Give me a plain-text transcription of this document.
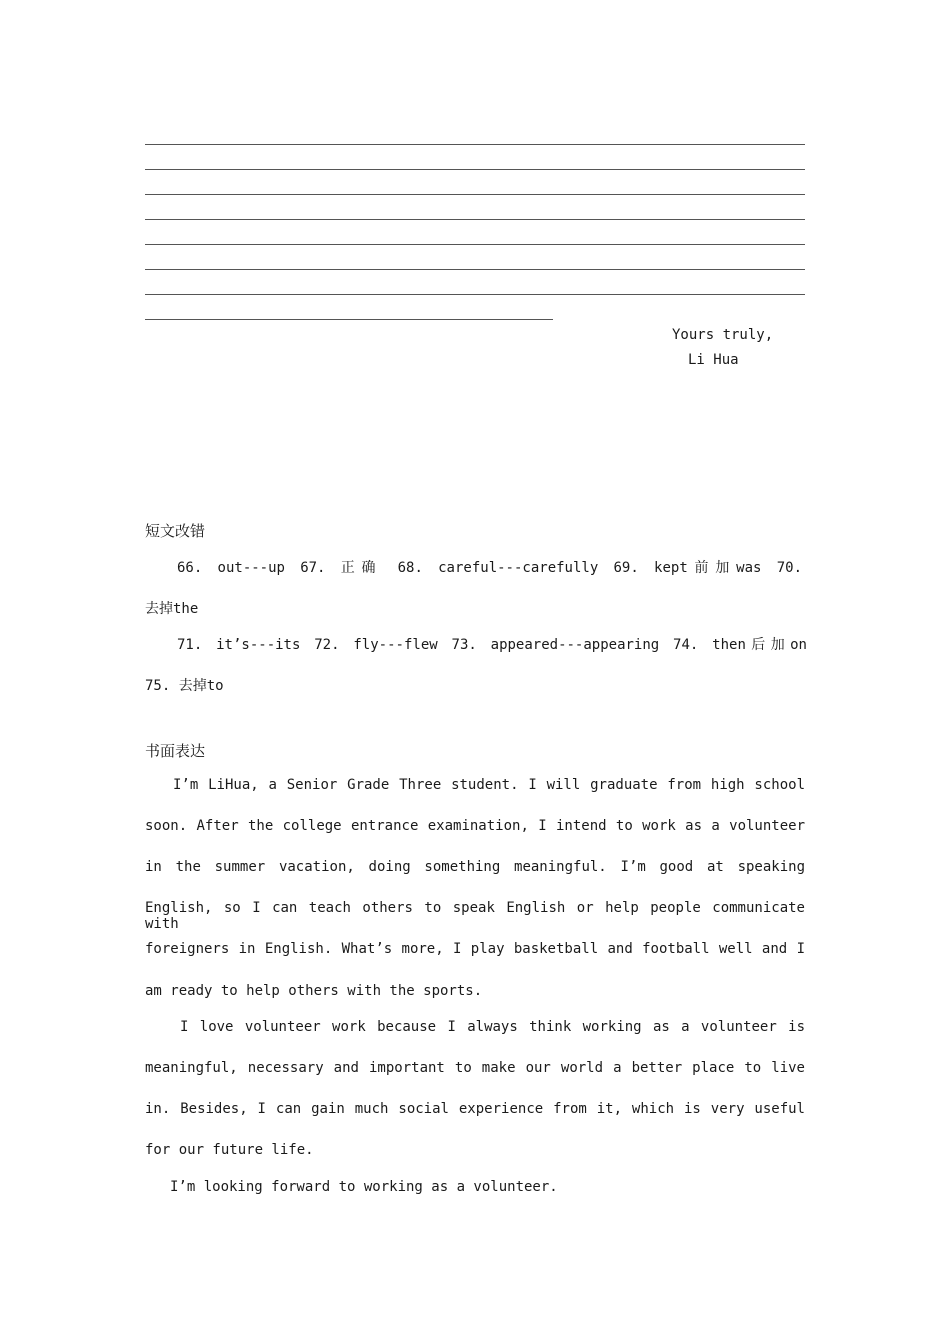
Yours truly,
Li Hua
短文改错
66. out---up 67. 正确 68. careful---carefully 69. kept前加was 70.
去掉the
71. it’s---its 72. fly---flew 73. appeared---appearing 74. then后加on
75. 去掉to
书面表达
I’m LiHua, a Senior Grade Three student. I will graduate from high school
soon. After the college entrance examination, I intend to work as a volunteer
in the summer vacation, doing something meaningful. I’m good at speaking
English, so I can teach others to speak English or help people communicate with
foreigners in English. What’s more, I play basketball and football well and I
am ready to help others with the sports.
I love volunteer work because I always think working as a volunteer is
meaningful, necessary and important to make our world a better place to live
in. Besides, I can gain much social experience from it, which is very useful
for our future life.
I’m looking forward to working as a volunteer.
